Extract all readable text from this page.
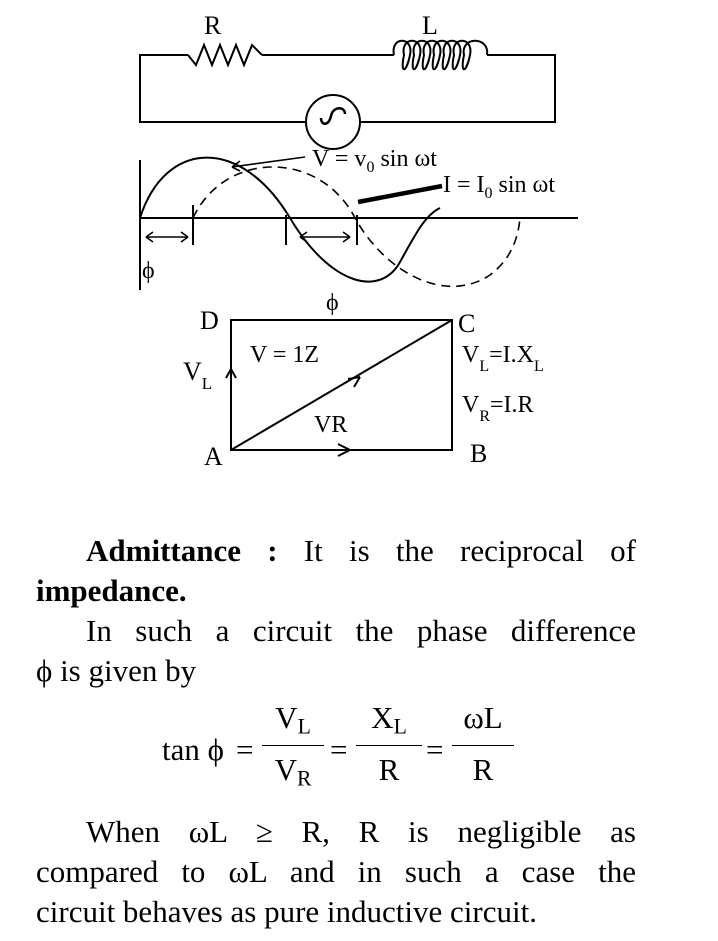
R	L
$V = v_0$ sin ωt
$I = I_0$ sin ωt
ϕ
D	C
A	B
ϕ
$V_L$
V = 1Z
VR
$V_L=I.X_L$
$V_R=I.R$

Admittance : It is the reciprocal of

impedance.

In such a circuit the phase difference

ϕ is given by

tan ϕ =
$V_L$
$V_R$
=
$X_L$
R
=
ωL
R

When ωL ≥ R, R is negligible as

compared to ωL and in such a case the

circuit behaves as pure inductive circuit.
